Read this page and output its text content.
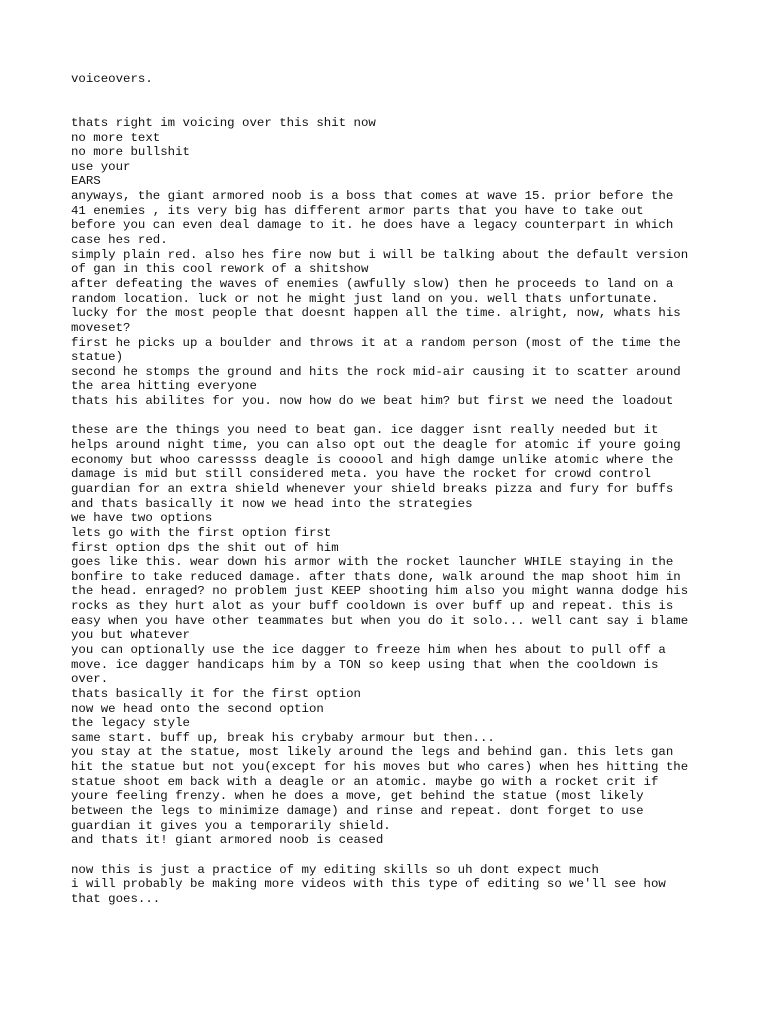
voiceovers.
thats right im voicing over this shit now
no more text
no more bullshit
use your
EARS
anyways, the giant armored noob is a boss that comes at wave 15. prior before the
41 enemies , its very big has different armor parts that you have to take out
before you can even deal damage to it. he does have a legacy counterpart in which
case hes red.
simply plain red. also hes fire now but i will be talking about the default version
of gan in this cool rework of a shitshow
after defeating the waves of enemies (awfully slow) then he proceeds to land on a
random location. luck or not he might just land on you. well thats unfortunate.
lucky for the most people that doesnt happen all the time. alright, now, whats his
moveset?
first he picks up a boulder and throws it at a random person (most of the time the
statue)
second he stomps the ground and hits the rock mid-air causing it to scatter around
the area hitting everyone
thats his abilites for you. now how do we beat him? but first we need the loadout
these are the things you need to beat gan. ice dagger isnt really needed but it
helps around night time, you can also opt out the deagle for atomic if youre going
economy but whoo caressss deagle is cooool and high damge unlike atomic where the
damage is mid but still considered meta. you have the rocket for crowd control
guardian for an extra shield whenever your shield breaks pizza and fury for buffs
and thats basically it now we head into the strategies
we have two options
lets go with the first option first
first option dps the shit out of him
goes like this. wear down his armor with the rocket launcher WHILE staying in the
bonfire to take reduced damage. after thats done, walk around the map shoot him in
the head. enraged? no problem just KEEP shooting him also you might wanna dodge his
rocks as they hurt alot as your buff cooldown is over buff up and repeat. this is
easy when you have other teammates but when you do it solo... well cant say i blame
you but whatever
you can optionally use the ice dagger to freeze him when hes about to pull off a
move. ice dagger handicaps him by a TON so keep using that when the cooldown is
over.
thats basically it for the first option
now we head onto the second option
the legacy style
same start. buff up, break his crybaby armour but then...
you stay at the statue, most likely around the legs and behind gan. this lets gan
hit the statue but not you(except for his moves but who cares) when hes hitting the
statue shoot em back with a deagle or an atomic. maybe go with a rocket crit if
youre feeling frenzy. when he does a move, get behind the statue (most likely
between the legs to minimize damage) and rinse and repeat. dont forget to use
guardian it gives you a temporarily shield.
and thats it! giant armored noob is ceased
now this is just a practice of my editing skills so uh dont expect much
i will probably be making more videos with this type of editing so we'll see how
that goes...
